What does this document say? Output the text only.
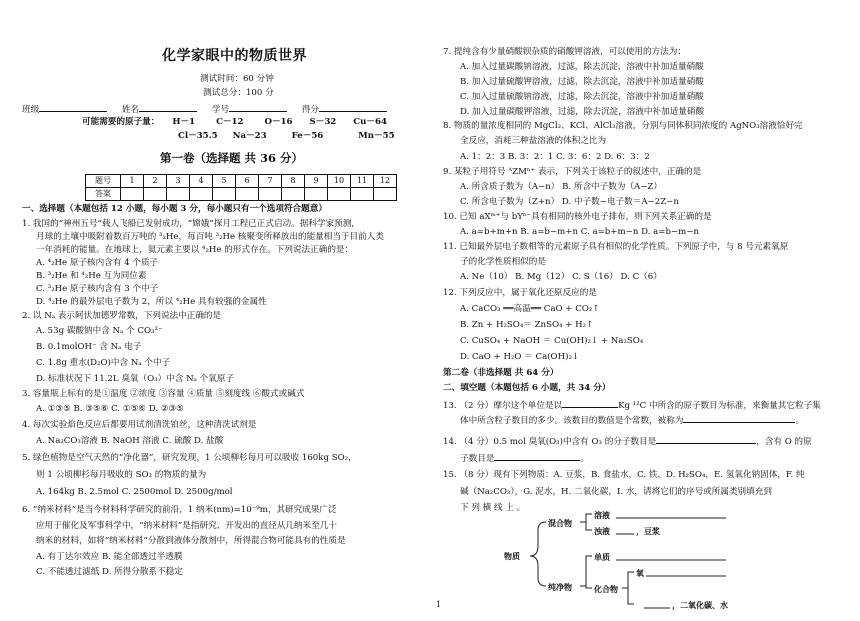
化学家眼中的物质世界
测试时间：60 分钟
测试总分：100 分
班级	姓名	学号	得分
可能需要的原子量： H－1 C－12 O－16 S－32 Cu－64
Cl－35.5 Na－23	Fe－56	Mn－55
第一卷（选择题 共 36 分）
题号	1	2	3	4	5	6	7	8	9	10	11	12
答案												
一、选择题（本题包括 12 小题，每小题 3 分，每小题只有一个选项符合题意）
1. 我国的“神州五号”载人飞船已发射成功，“嫦娥”探月工程已正式启动。据科学家预测，
月球的土壤中吸附着数百万吨的 ³₂He，每百吨 ³₂He 核聚变所释放出的能量相当于目前人类
一年消耗的能量。在地球上，氦元素主要以 ⁴₂He 的形式存在。下列说法正确的是：
A. ⁴₂He 原子核内含有 4 个质子
B. ³₂He 和 ⁴₂He 互为同位素
C. ³₂He 原子核内含有 3 个中子
D. ⁴₂He 的最外层电子数为 2，所以 ⁴₂He 具有较强的金属性
2. 以 Nₐ 表示阿伏加德罗常数，下列说法中正确的是
A. 53g 碳酸钠中含 Nₐ 个 CO₃²⁻
B. 0.1molOH⁻ 含 Nₐ 电子
C. 1.8g 重水(D₂O)中含 Nₐ 个中子
D. 标准状况下 11.2L 臭氧（O₃）中含 Nₐ 个氧原子
3. 容量瓶上标有的是①温度 ②浓度 ③容量 ④质量 ⑤刻度线 ⑥酸式或碱式
A. ①③⑤ B. ③⑤⑥ C. ①⑤⑥ D. ②③⑤
4. 每次实验焰色反应后都要用试剂清洗铂丝，这种清洗试剂是
A. Na₂CO₃溶液 B. NaOH 溶液 C. 硫酸 D. 盐酸
5. 绿色植物是空气天然的“净化器”，研究发现，1 公顷柳杉每月可以吸收 160kg SO₂，
则 1 公顷柳杉每月吸收的 SO₂ 的物质的量为
A. 164kg B. 2.5mol C. 2500mol D. 2500g/mol
6. “纳米材料”是当今材料科学研究的前沿，1 纳米(nm)=10⁻⁹m，其研究成果广泛
应用于催化及军事科学中，“纳米材料”是指研究、开发出的直径从几纳米至几十
纳米的材料，如将“纳米材料”分散到液体分散剂中，所得混合物可能具有的性质是
A. 有丁达尔效应 B. 能全部透过半透膜
C. 不能透过滤纸 D. 所得分散系不稳定
7. 提纯含有少量硝酸钡杂质的硝酸钾溶液，可以使用的方法为：
A. 加入过量碳酸钠溶液，过滤，除去沉淀，溶液中补加适量硝酸
B. 加入过量硫酸钾溶液，过滤，除去沉淀，溶液中补加适量硝酸
C. 加入过量硫酸钠溶液，过滤，除去沉淀，溶液中补加适量硝酸
D. 加入过量碳酸钾溶液，过滤，除去沉淀，溶液中补加适量硝酸
8. 物质的量浓度相同的 MgCl₂、KCl、AlCl₃溶液，分别与同体积同浓度的 AgNO₃溶液恰好完
全反应，消耗三种盐溶液的体积之比为
A. 1：2：3 B. 3：2：1 C. 3：6：2 D. 6：3：2
9. 某粒子用符号 ᴬZMⁿ⁺ 表示，下列关于该粒子的叙述中，正确的是
A. 所含质子数为（A−n） B. 所含中子数为（A−Z）
C. 所含电子数为（Z+n） D. 中子数−电子数＝A−2Z−n
10. 已知 aXᵐ⁺与 bYⁿ⁻具有相同的核外电子排布，则下列关系正确的是
A. a=b+m+n B. a=b−m+n C. a=b+m−n D. a=b−m−n
11. 已知最外层电子数相等的元素原子具有相似的化学性质。下列原子中，与 8 号元素氧原
子的化学性质相似的是
A. Ne（10） B. Mg（12） C. S（16） D. C（6）
12. 下列反应中，属于氧化还原反应的是
A. CaCO₃ ══高温══ CaO + CO₂↑
B. Zn + H₂SO₄＝ ZnSO₄ + H₂↑
C. CuSO₄ + NaOH ＝ Cu(OH)₂↓ + Na₂SO₄
D. CaO + H₂O ＝ Ca(OH)₂↓
第二卷（非选择题 共 64 分）
二、填空题（本题包括 6 小题，共 34 分）
13. （2 分）摩尔这个单位是以	Kg ¹²C 中所含的原子数目为标准，来衡量其它粒子集
体中所含粒子数目的多少。该数目的数值是个常数，被称为	。
14. （4 分）0.5 mol 臭氧(O₃)中含有 O₃ 的分子数目是	，含有 O 的原
子数目是	。
15. （8 分）现有下列物质：A. 豆浆，B. 食盐水，C. 铁，D. H₂SO₄，E. 氢氧化钠固体，F. 纯
碱（Na₂CO₃），G. 泥水，H. 二氧化碳，I. 水，请将它们的序号或所属类别填充到
下 列 横 线 上 。
物质
混合物
溶液
浊液	，豆浆
纯净物
单质
化合物
氧
，二氧化碳、水
1
